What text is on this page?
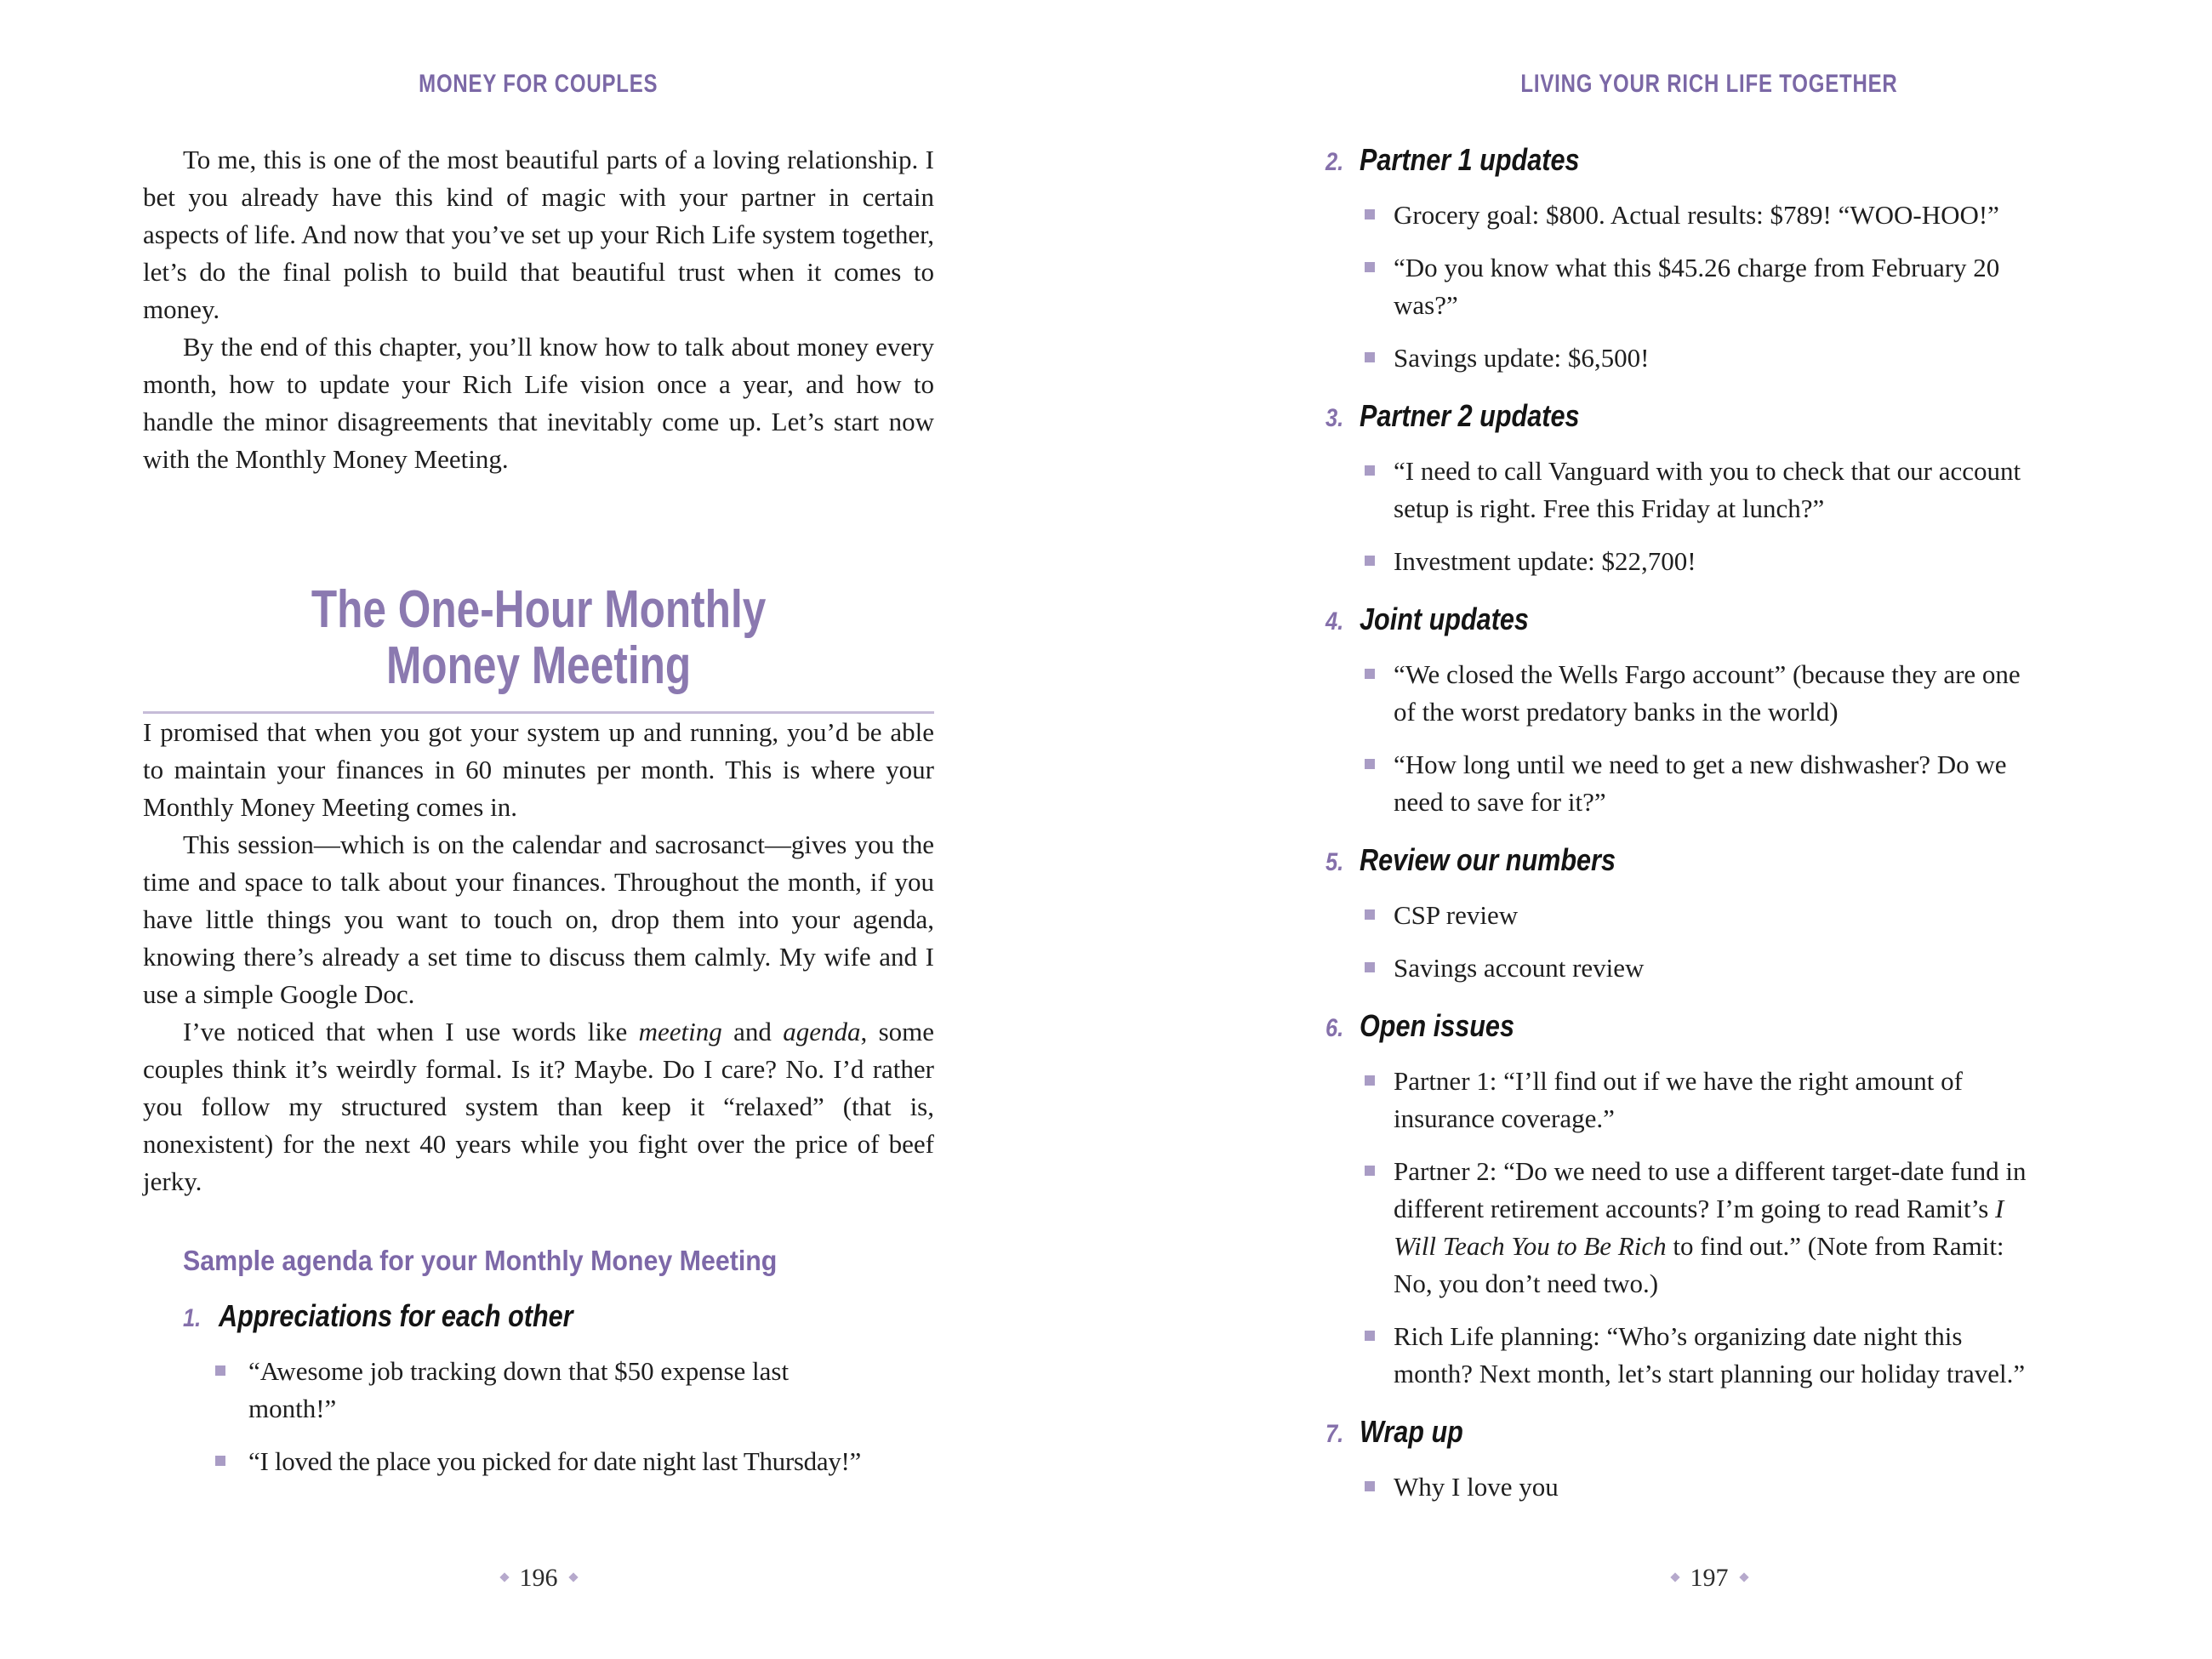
MONEY FOR COUPLES

To me, this is one of the most beautiful parts of a loving relationship. I bet you already have this kind of magic with your partner in certain aspects of life. And now that you’ve set up your Rich Life system together, let’s do the final polish to build that beautiful trust when it comes to money.

By the end of this chapter, you’ll know how to talk about money every month, how to update your Rich Life vision once a year, and how to handle the minor disagreements that inevitably come up. Let’s start now with the Monthly Money Meeting.

The One-Hour Monthly
Money Meeting

I promised that when you got your system up and running, you’d be able to maintain your finances in 60 minutes per month. This is where your Monthly Money Meeting comes in.

This session—which is on the calendar and sacrosanct—gives you the time and space to talk about your finances. Throughout the month, if you have little things you want to touch on, drop them into your agenda, knowing there’s already a set time to discuss them calmly. My wife and I use a simple Google Doc.

I’ve noticed that when I use words like meeting and agenda, some couples think it’s weirdly formal. Is it? Maybe. Do I care? No. I’d rather you follow my structured system than keep it “relaxed” (that is, nonexistent) for the next 40 years while you fight over the price of beef jerky.

Sample agenda for your Monthly Money Meeting
1. Appreciations for each other
“Awesome job tracking down that $50 expense last month!”
“I loved the place you picked for date night last Thursday!”
196
LIVING YOUR RICH LIFE TOGETHER
2. Partner 1 updates
Grocery goal: $800. Actual results: $789! “WOO-HOO!”
“Do you know what this $45.26 charge from February 20 was?”
Savings update: $6,500!
3. Partner 2 updates
“I need to call Vanguard with you to check that our account setup is right. Free this Friday at lunch?”
Investment update: $22,700!
4. Joint updates
“We closed the Wells Fargo account” (because they are one of the worst predatory banks in the world)
“How long until we need to get a new dishwasher? Do we need to save for it?”
5. Review our numbers
CSP review
Savings account review
6. Open issues
Partner 1: “I’ll find out if we have the right amount of insurance coverage.”
Partner 2: “Do we need to use a different target-date fund in different retirement accounts? I’m going to read Ramit’s I Will Teach You to Be Rich to find out.” (Note from Ramit: No, you don’t need two.)
Rich Life planning: “Who’s organizing date night this month? Next month, let’s start planning our holiday travel.”
7. Wrap up
Why I love you
197
